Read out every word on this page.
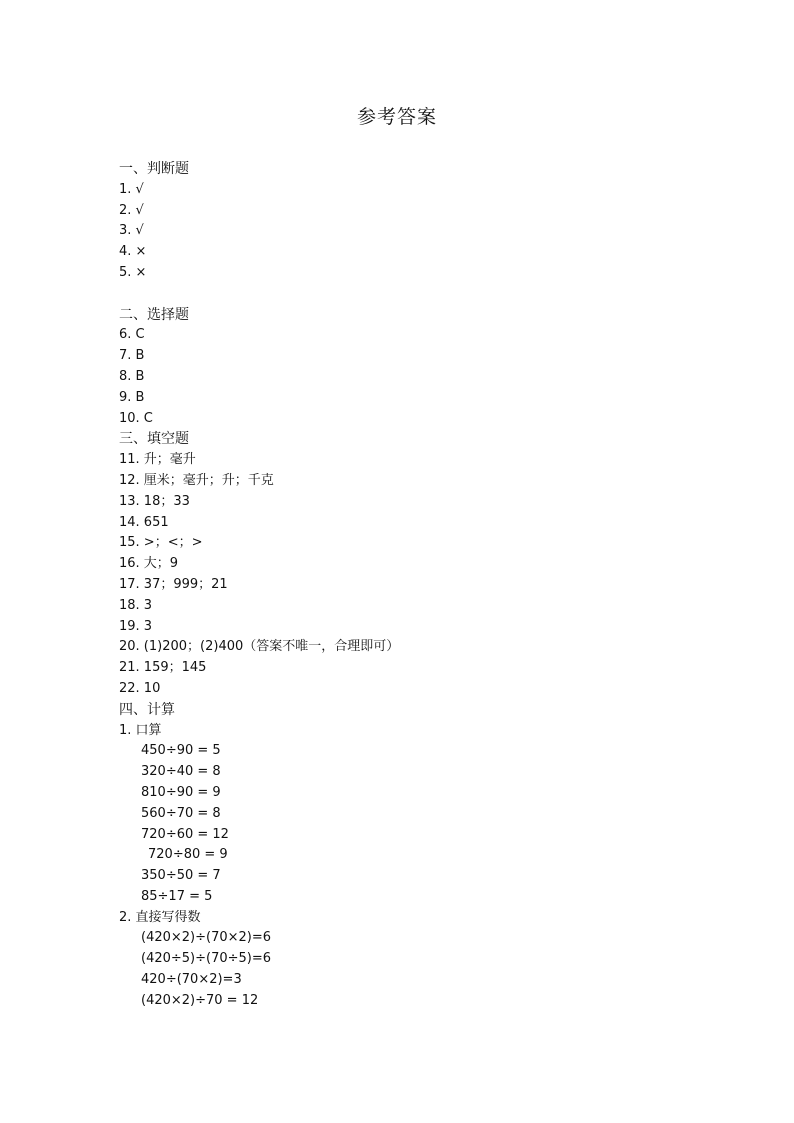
参考答案
一、判断题
1. √
2. √
3. √
4. ×
5. ×
二、选择题
6. C
7. B
8. B
9. B
10. C
三、填空题
11. 升；毫升
12. 厘米；毫升；升；千克
13. 18；33
14. 651
15. >；<；>
16. 大；9
17. 37；999；21
18. 3
19. 3
20. (1)200；(2)400（答案不唯一，合理即可）
21. 159；145
22. 10
四、计算
1. 口算
450÷90 = 5
320÷40 = 8
810÷90 = 9
560÷70 = 8
720÷60 = 12
720÷80 = 9
350÷50 = 7
85÷17 = 5
2. 直接写得数
(420×2)÷(70×2)=6
(420÷5)÷(70÷5)=6
420÷(70×2)=3
(420×2)÷70 = 12
